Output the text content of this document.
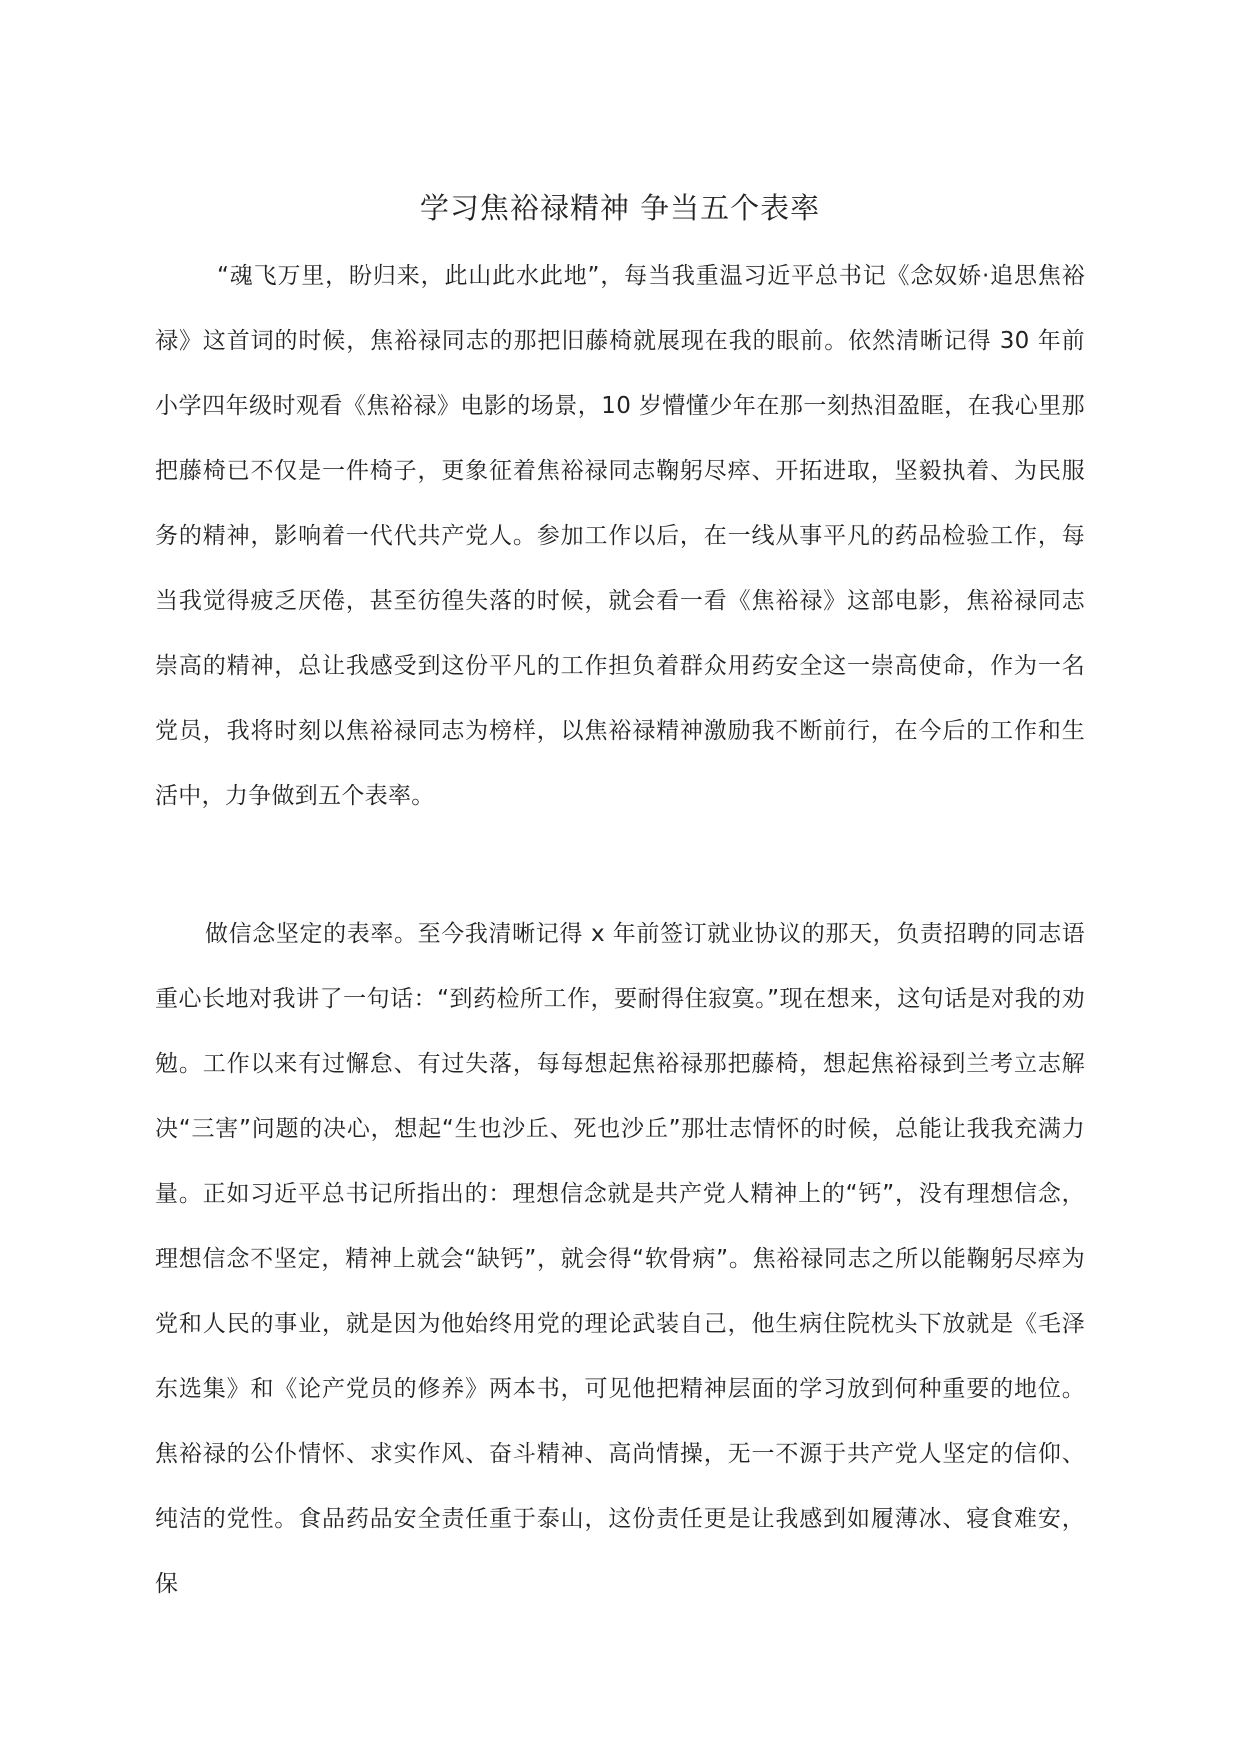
学习焦裕禄精神 争当五个表率

“魂飞万里，盼归来，此山此水此地”，每当我重温习近平总书记《念奴娇·追思焦裕禄》这首词的时候，焦裕禄同志的那把旧藤椅就展现在我的眼前。依然清晰记得 30 年前小学四年级时观看《焦裕禄》电影的场景，10 岁懵懂少年在那一刻热泪盈眶，在我心里那把藤椅已不仅是一件椅子，更象征着焦裕禄同志鞠躬尽瘁、开拓进取，坚毅执着、为民服务的精神，影响着一代代共产党人。参加工作以后，在一线从事平凡的药品检验工作，每当我觉得疲乏厌倦，甚至彷徨失落的时候，就会看一看《焦裕禄》这部电影，焦裕禄同志崇高的精神，总让我感受到这份平凡的工作担负着群众用药安全这一崇高使命，作为一名党员，我将时刻以焦裕禄同志为榜样，以焦裕禄精神激励我不断前行，在今后的工作和生活中，力争做到五个表率。

做信念坚定的表率。至今我清晰记得 x 年前签订就业协议的那天，负责招聘的同志语重心长地对我讲了一句话：“到药检所工作，要耐得住寂寞。”现在想来，这句话是对我的劝勉。工作以来有过懈怠、有过失落，每每想起焦裕禄那把藤椅，想起焦裕禄到兰考立志解决“三害”问题的决心，想起“生也沙丘、死也沙丘”那壮志情怀的时候，总能让我我充满力量。正如习近平总书记所指出的：理想信念就是共产党人精神上的“钙”，没有理想信念，理想信念不坚定，精神上就会“缺钙”，就会得“软骨病”。焦裕禄同志之所以能鞠躬尽瘁为党和人民的事业，就是因为他始终用党的理论武装自己，他生病住院枕头下放就是《毛泽东选集》和《论产党员的修养》两本书，可见他把精神层面的学习放到何种重要的地位。焦裕禄的公仆情怀、求实作风、奋斗精神、高尚情操，无一不源于共产党人坚定的信仰、纯洁的党性。食品药品安全责任重于泰山，这份责任更是让我感到如履薄冰、寝食难安，保
